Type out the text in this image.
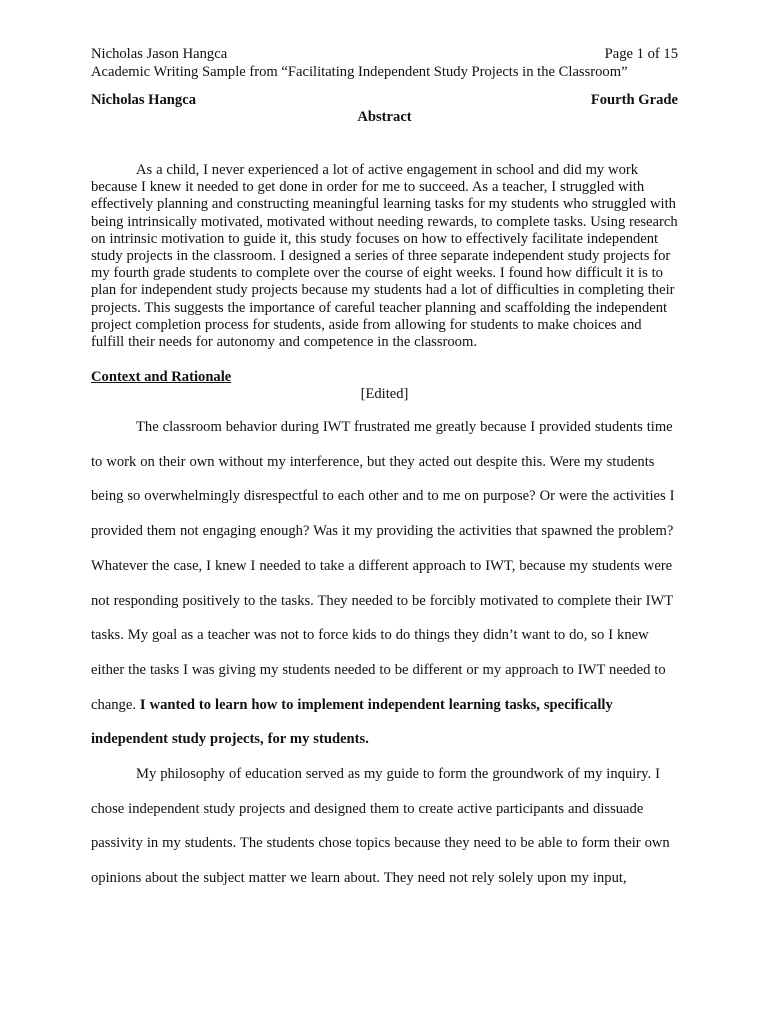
Nicholas Jason Hangca	Page 1 of 15
Academic Writing Sample from “Facilitating Independent Study Projects in the Classroom”
Nicholas Hangca	Fourth Grade
Abstract

As a child, I never experienced a lot of active engagement in school and did my work because I knew it needed to get done in order for me to succeed. As a teacher, I struggled with effectively planning and constructing meaningful learning tasks for my students who struggled with being intrinsically motivated, motivated without needing rewards, to complete tasks. Using research on intrinsic motivation to guide it, this study focuses on how to effectively facilitate independent study projects in the classroom. I designed a series of three separate independent study projects for my fourth grade students to complete over the course of eight weeks. I found how difficult it is to plan for independent study projects because my students had a lot of difficulties in completing their projects. This suggests the importance of careful teacher planning and scaffolding the independent project completion process for students, aside from allowing for students to make choices and fulfill their needs for autonomy and competence in the classroom.

Context and Rationale
[Edited]

The classroom behavior during IWT frustrated me greatly because I provided students time to work on their own without my interference, but they acted out despite this. Were my students being so overwhelmingly disrespectful to each other and to me on purpose? Or were the activities I provided them not engaging enough? Was it my providing the activities that spawned the problem? Whatever the case, I knew I needed to take a different approach to IWT, because my students were not responding positively to the tasks. They needed to be forcibly motivated to complete their IWT tasks. My goal as a teacher was not to force kids to do things they didn’t want to do, so I knew either the tasks I was giving my students needed to be different or my approach to IWT needed to change. I wanted to learn how to implement independent learning tasks, specifically independent study projects, for my students.

My philosophy of education served as my guide to form the groundwork of my inquiry. I chose independent study projects and designed them to create active participants and dissuade passivity in my students. The students chose topics because they need to be able to form their own opinions about the subject matter we learn about. They need not rely solely upon my input,
